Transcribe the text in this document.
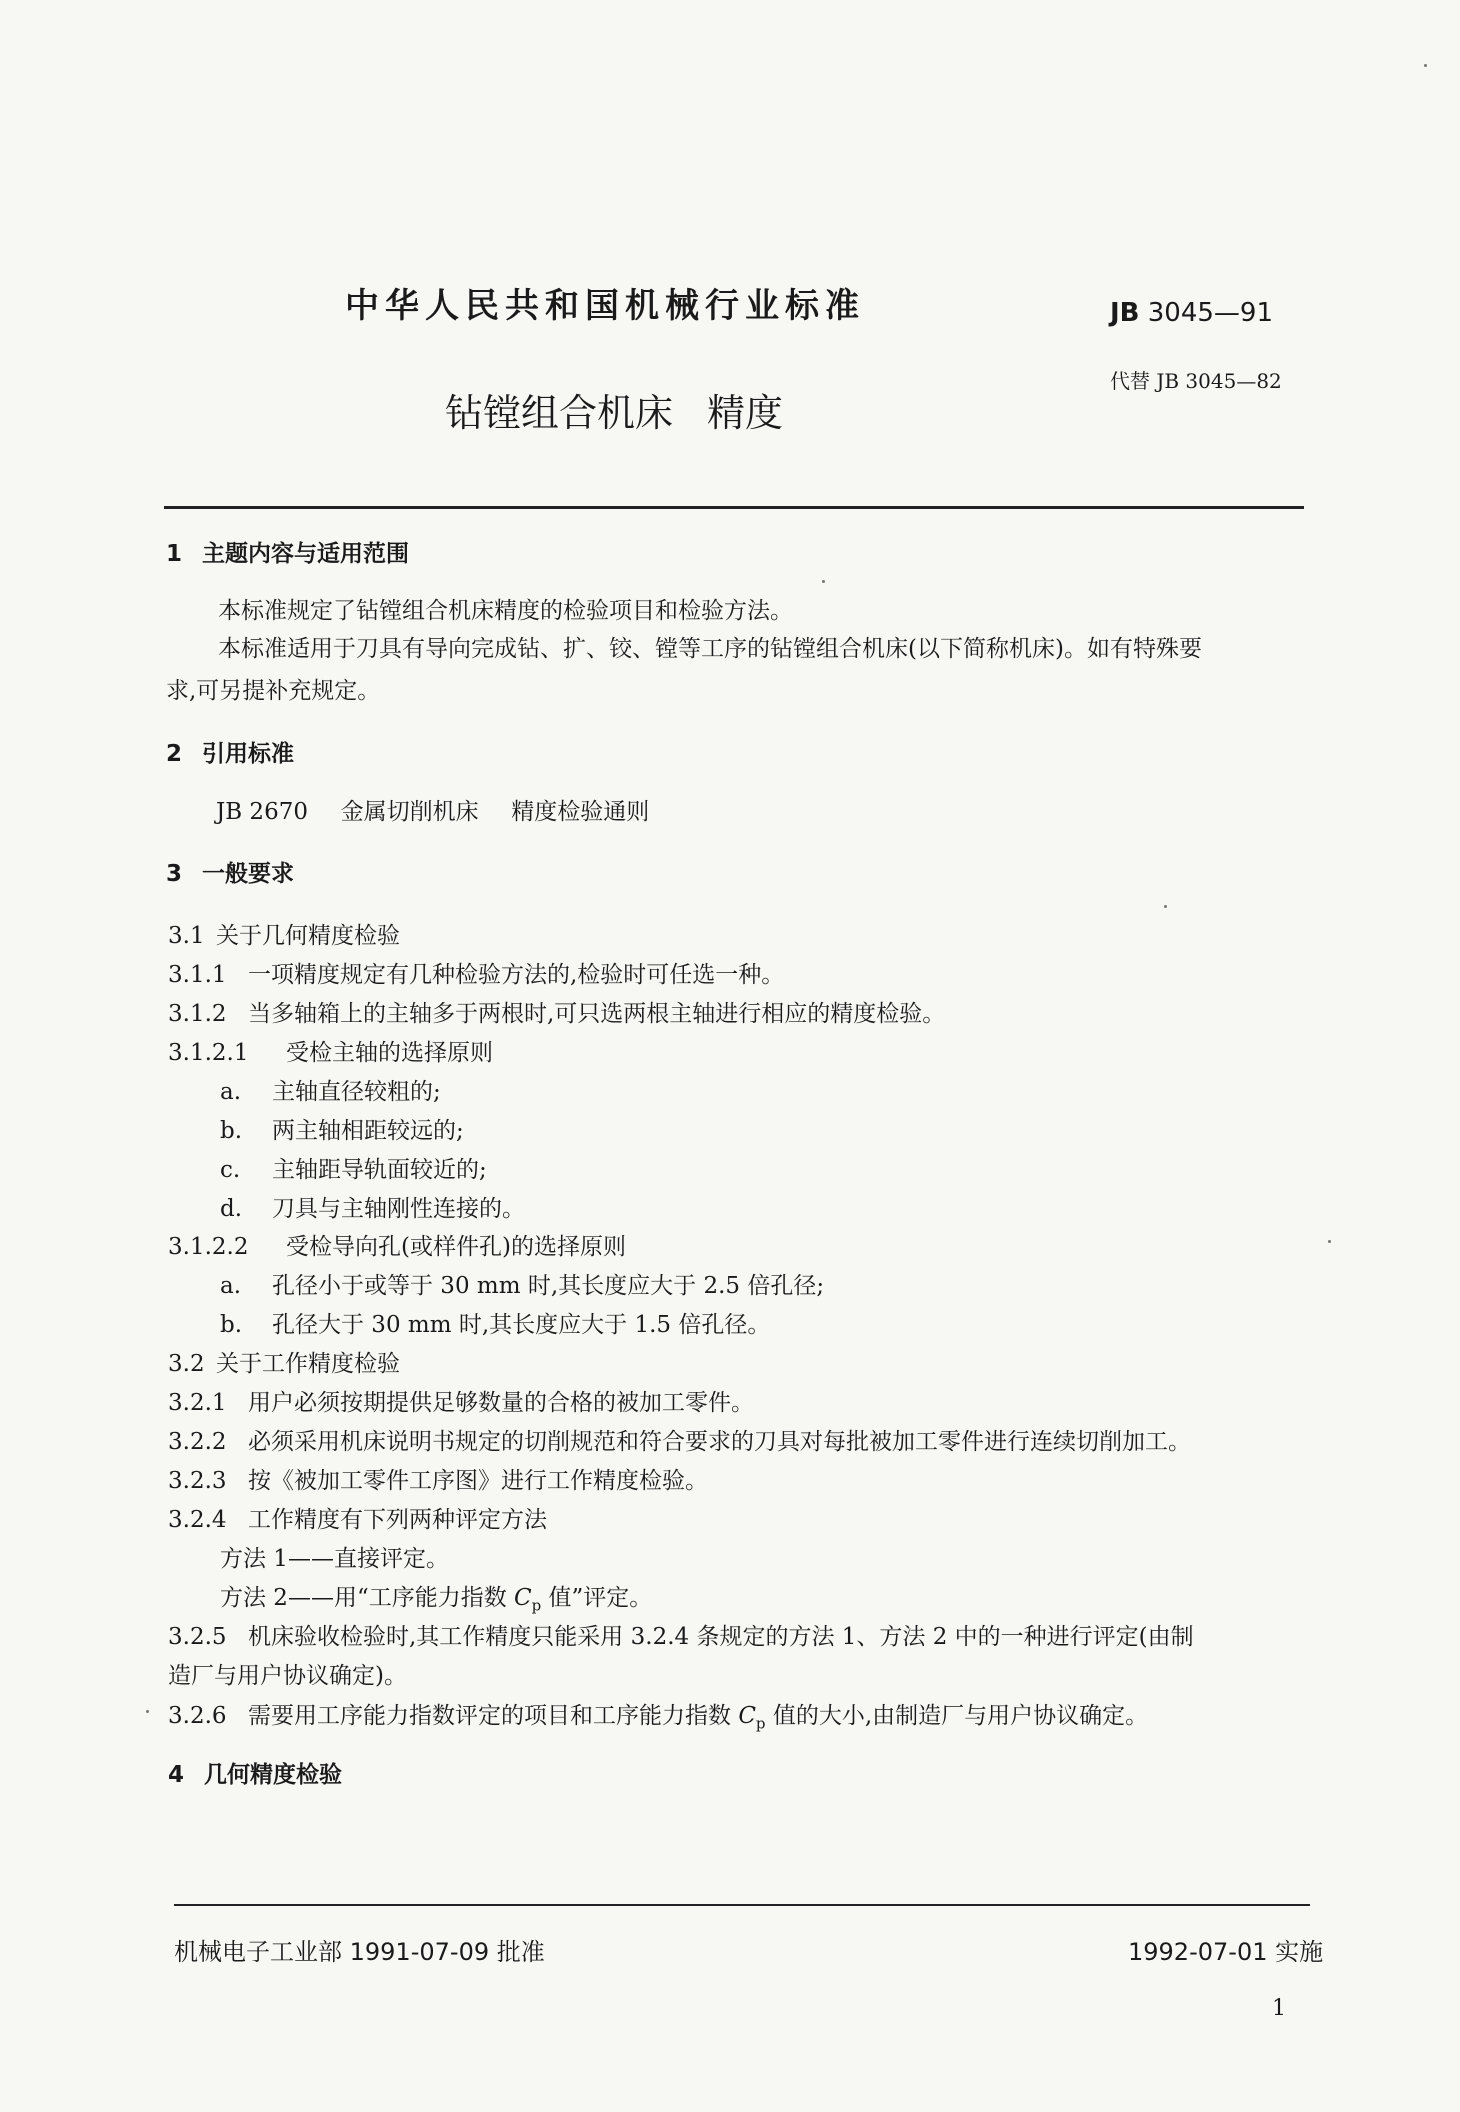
中华人民共和国机械行业标准	JB 3045—91
代替 JB 3045—82
钻镗组合机床 精度
1 主题内容与适用范围
本标准规定了钻镗组合机床精度的检验项目和检验方法。
本标准适用于刀具有导向完成钻、扩、铰、镗等工序的钻镗组合机床(以下简称机床)。如有特殊要
求,可另提补充规定。
2 引用标准
JB 2670 金属切削机床 精度检验通则
3 一般要求
3.1 关于几何精度检验
3.1.1 一项精度规定有几种检验方法的,检验时可任选一种。
3.1.2 当多轴箱上的主轴多于两根时,可只选两根主轴进行相应的精度检验。
3.1.2.1 受检主轴的选择原则
a. 主轴直径较粗的;
b. 两主轴相距较远的;
c. 主轴距导轨面较近的;
d. 刀具与主轴刚性连接的。
3.1.2.2 受检导向孔(或样件孔)的选择原则
a. 孔径小于或等于 30 mm 时,其长度应大于 2.5 倍孔径;
b. 孔径大于 30 mm 时,其长度应大于 1.5 倍孔径。
3.2 关于工作精度检验
3.2.1 用户必须按期提供足够数量的合格的被加工零件。
3.2.2 必须采用机床说明书规定的切削规范和符合要求的刀具对每批被加工零件进行连续切削加工。
3.2.3 按《被加工零件工序图》进行工作精度检验。
3.2.4 工作精度有下列两种评定方法
方法 1——直接评定。
方法 2——用“工序能力指数 $C_p$ 值”评定。
3.2.5 机床验收检验时,其工作精度只能采用 3.2.4 条规定的方法 1、方法 2 中的一种进行评定(由制
造厂与用户协议确定)。
3.2.6 需要用工序能力指数评定的项目和工序能力指数 $C_p$ 值的大小,由制造厂与用户协议确定。
4 几何精度检验
机械电子工业部 1991-07-09 批准	1992-07-01 实施
1
